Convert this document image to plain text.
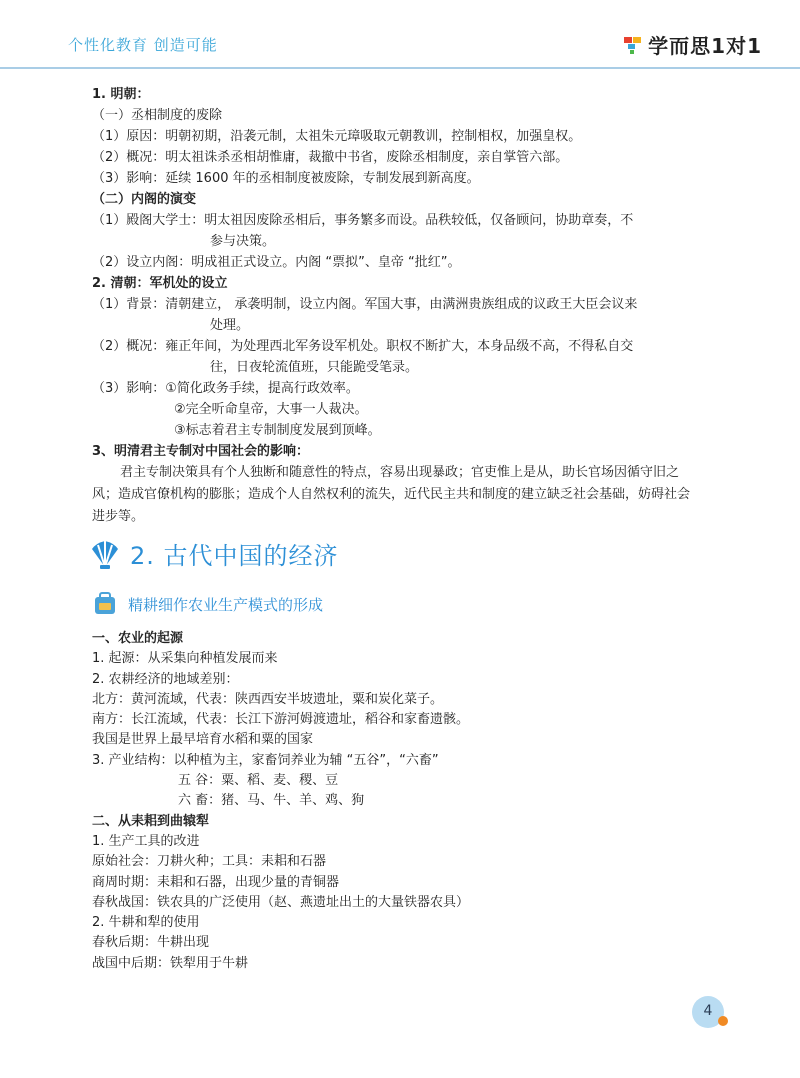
个性化教育 创造可能	学而思1对1
1. 明朝：
（一）丞相制度的废除
（1）原因：明朝初期，沿袭元制，太祖朱元璋吸取元朝教训，控制相权，加强皇权。
（2）概况：明太祖诛杀丞相胡惟庸，裁撤中书省，废除丞相制度，亲自掌管六部。
（3）影响：延续 1600 年的丞相制度被废除，专制发展到新高度。
（二）内阁的演变
（1）殿阁大学士：明太祖因废除丞相后，事务繁多而设。品秩较低，仅备顾问，协助章奏，不
参与决策。
（2）设立内阁：明成祖正式设立。内阁 “票拟”、皇帝 “批红”。
2. 清朝：军机处的设立
（1）背景：清朝建立， 承袭明制，设立内阁。军国大事，由满洲贵族组成的议政王大臣会议来
处理。
（2）概况：雍正年间，为处理西北军务设军机处。职权不断扩大，本身品级不高，不得私自交
往，日夜轮流值班，只能跪受笔录。
（3）影响：①简化政务手续，提高行政效率。
②完全听命皇帝，大事一人裁决。
③标志着君主专制制度发展到顶峰。
3、明清君主专制对中国社会的影响：
君主专制决策具有个人独断和随意性的特点，容易出现暴政；官吏惟上是从，助长官场因循守旧之风；造成官僚机构的膨胀；造成个人自然权利的流失，近代民主共和制度的建立缺乏社会基础，妨碍社会进步等。
2. 古代中国的经济
精耕细作农业生产模式的形成
一、农业的起源
1. 起源：从采集向种植发展而来
2. 农耕经济的地域差别：
北方：黄河流域，代表：陕西西安半坡遗址，粟和炭化菜子。
南方：长江流域，代表：长江下游河姆渡遗址，稻谷和家畜遗骸。
我国是世界上最早培育水稻和粟的国家
3. 产业结构：以种植为主，家畜饲养业为辅 “五谷”，“六畜”
五 谷：粟、稻、麦、稷、豆
六 畜：猪、马、牛、羊、鸡、狗
二、从耒耜到曲辕犁
1. 生产工具的改进
原始社会：刀耕火种；工具：耒耜和石器
商周时期：耒耜和石器，出现少量的青铜器
春秋战国：铁农具的广泛使用（赵、燕遗址出土的大量铁器农具）
2. 牛耕和犁的使用
春秋后期：牛耕出现
战国中后期：铁犁用于牛耕
4
